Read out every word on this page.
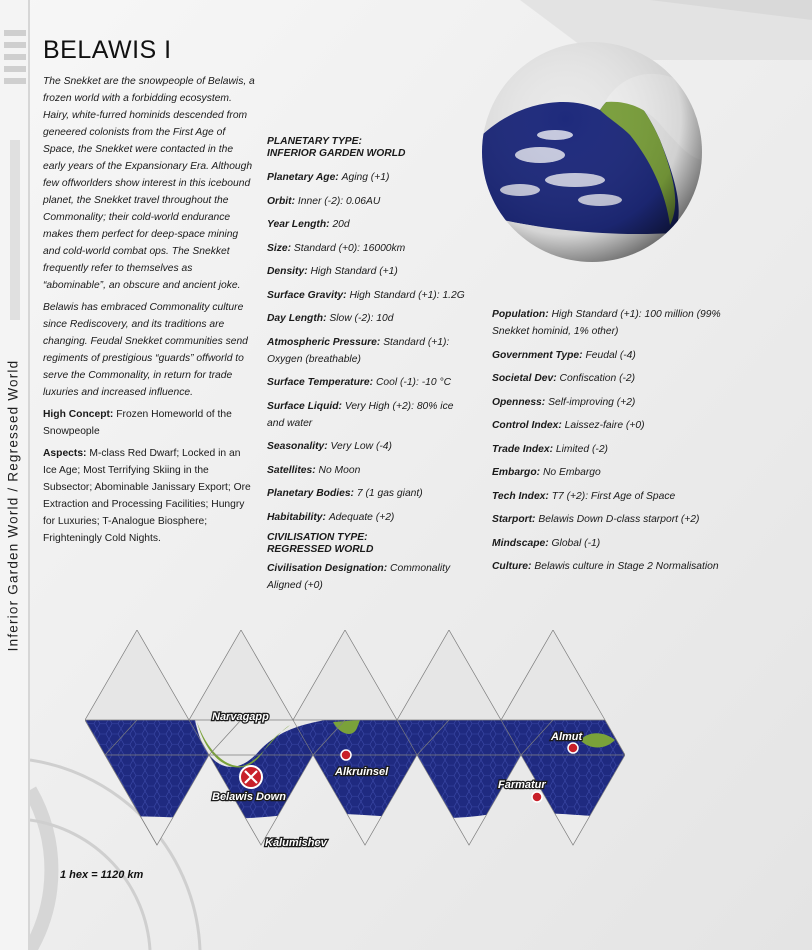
Inferior Garden World / Regressed World
BELAWIS I

The Snekket are the snowpeople of Belawis, a frozen world with a forbidding ecosystem. Hairy, white-furred hominids descended from geneered colonists from the First Age of Space, the Snekket were contacted in the early years of the Expansionary Era. Although few offworlders show interest in this icebound planet, the Snekket travel throughout the Commonality; their cold-world endurance makes them perfect for deep-space mining and cold-world combat ops. The Snekket frequently refer to themselves as “abominable”, an obscure and ancient joke.

Belawis has embraced Commonality culture since Rediscovery, and its traditions are changing. Feudal Snekket communities send regiments of prestigious “guards” offworld to serve the Commonality, in return for trade luxuries and increased influence.

High Concept: Frozen Homeworld of the Snowpeople

Aspects: M-class Red Dwarf; Locked in an Ice Age; Most Terrifying Skiing in the Subsector; Abominable Janissary Export; Ore Extraction and Processing Facilities; Hungry for Luxuries; T-Analogue Biosphere; Frighteningly Cold Nights.

PLANETARY TYPE:
INFERIOR GARDEN WORLD
Planetary Age: Aging (+1)
Orbit: Inner (-2): 0.06AU
Year Length: 20d
Size: Standard (+0): 16000km
Density: High Standard (+1)
Surface Gravity: High Standard (+1): 1.2G
Day Length: Slow (-2): 10d
Atmospheric Pressure: Standard (+1): Oxygen (breathable)
Surface Temperature: Cool (-1): -10 °C
Surface Liquid: Very High (+2): 80% ice and water
Seasonality: Very Low (-4)
Satellites: No Moon
Planetary Bodies: 7 (1 gas giant)
Habitability: Adequate (+2)
CIVILISATION TYPE:
REGRESSED WORLD
Civilisation Designation: Commonality Aligned (+0)
Population: High Standard (+1): 100 million (99% Snekket hominid, 1% other)
Government Type: Feudal (-4)
Societal Dev: Confiscation (-2)
Openness: Self-improving (+2)
Control Index: Laissez-faire (+0)
Trade Index: Limited (-2)
Embargo: No Embargo
Tech Index: T7 (+2): First Age of Space
Starport: Belawis Down D-class starport (+2)
Mindscape: Global (-1)
Culture: Belawis culture in Stage 2 Normalisation
Narvagapp
Belawis Down
Alkruinsel
Almut
Farmatur
Kalumishev
1 hex = 1120 km
